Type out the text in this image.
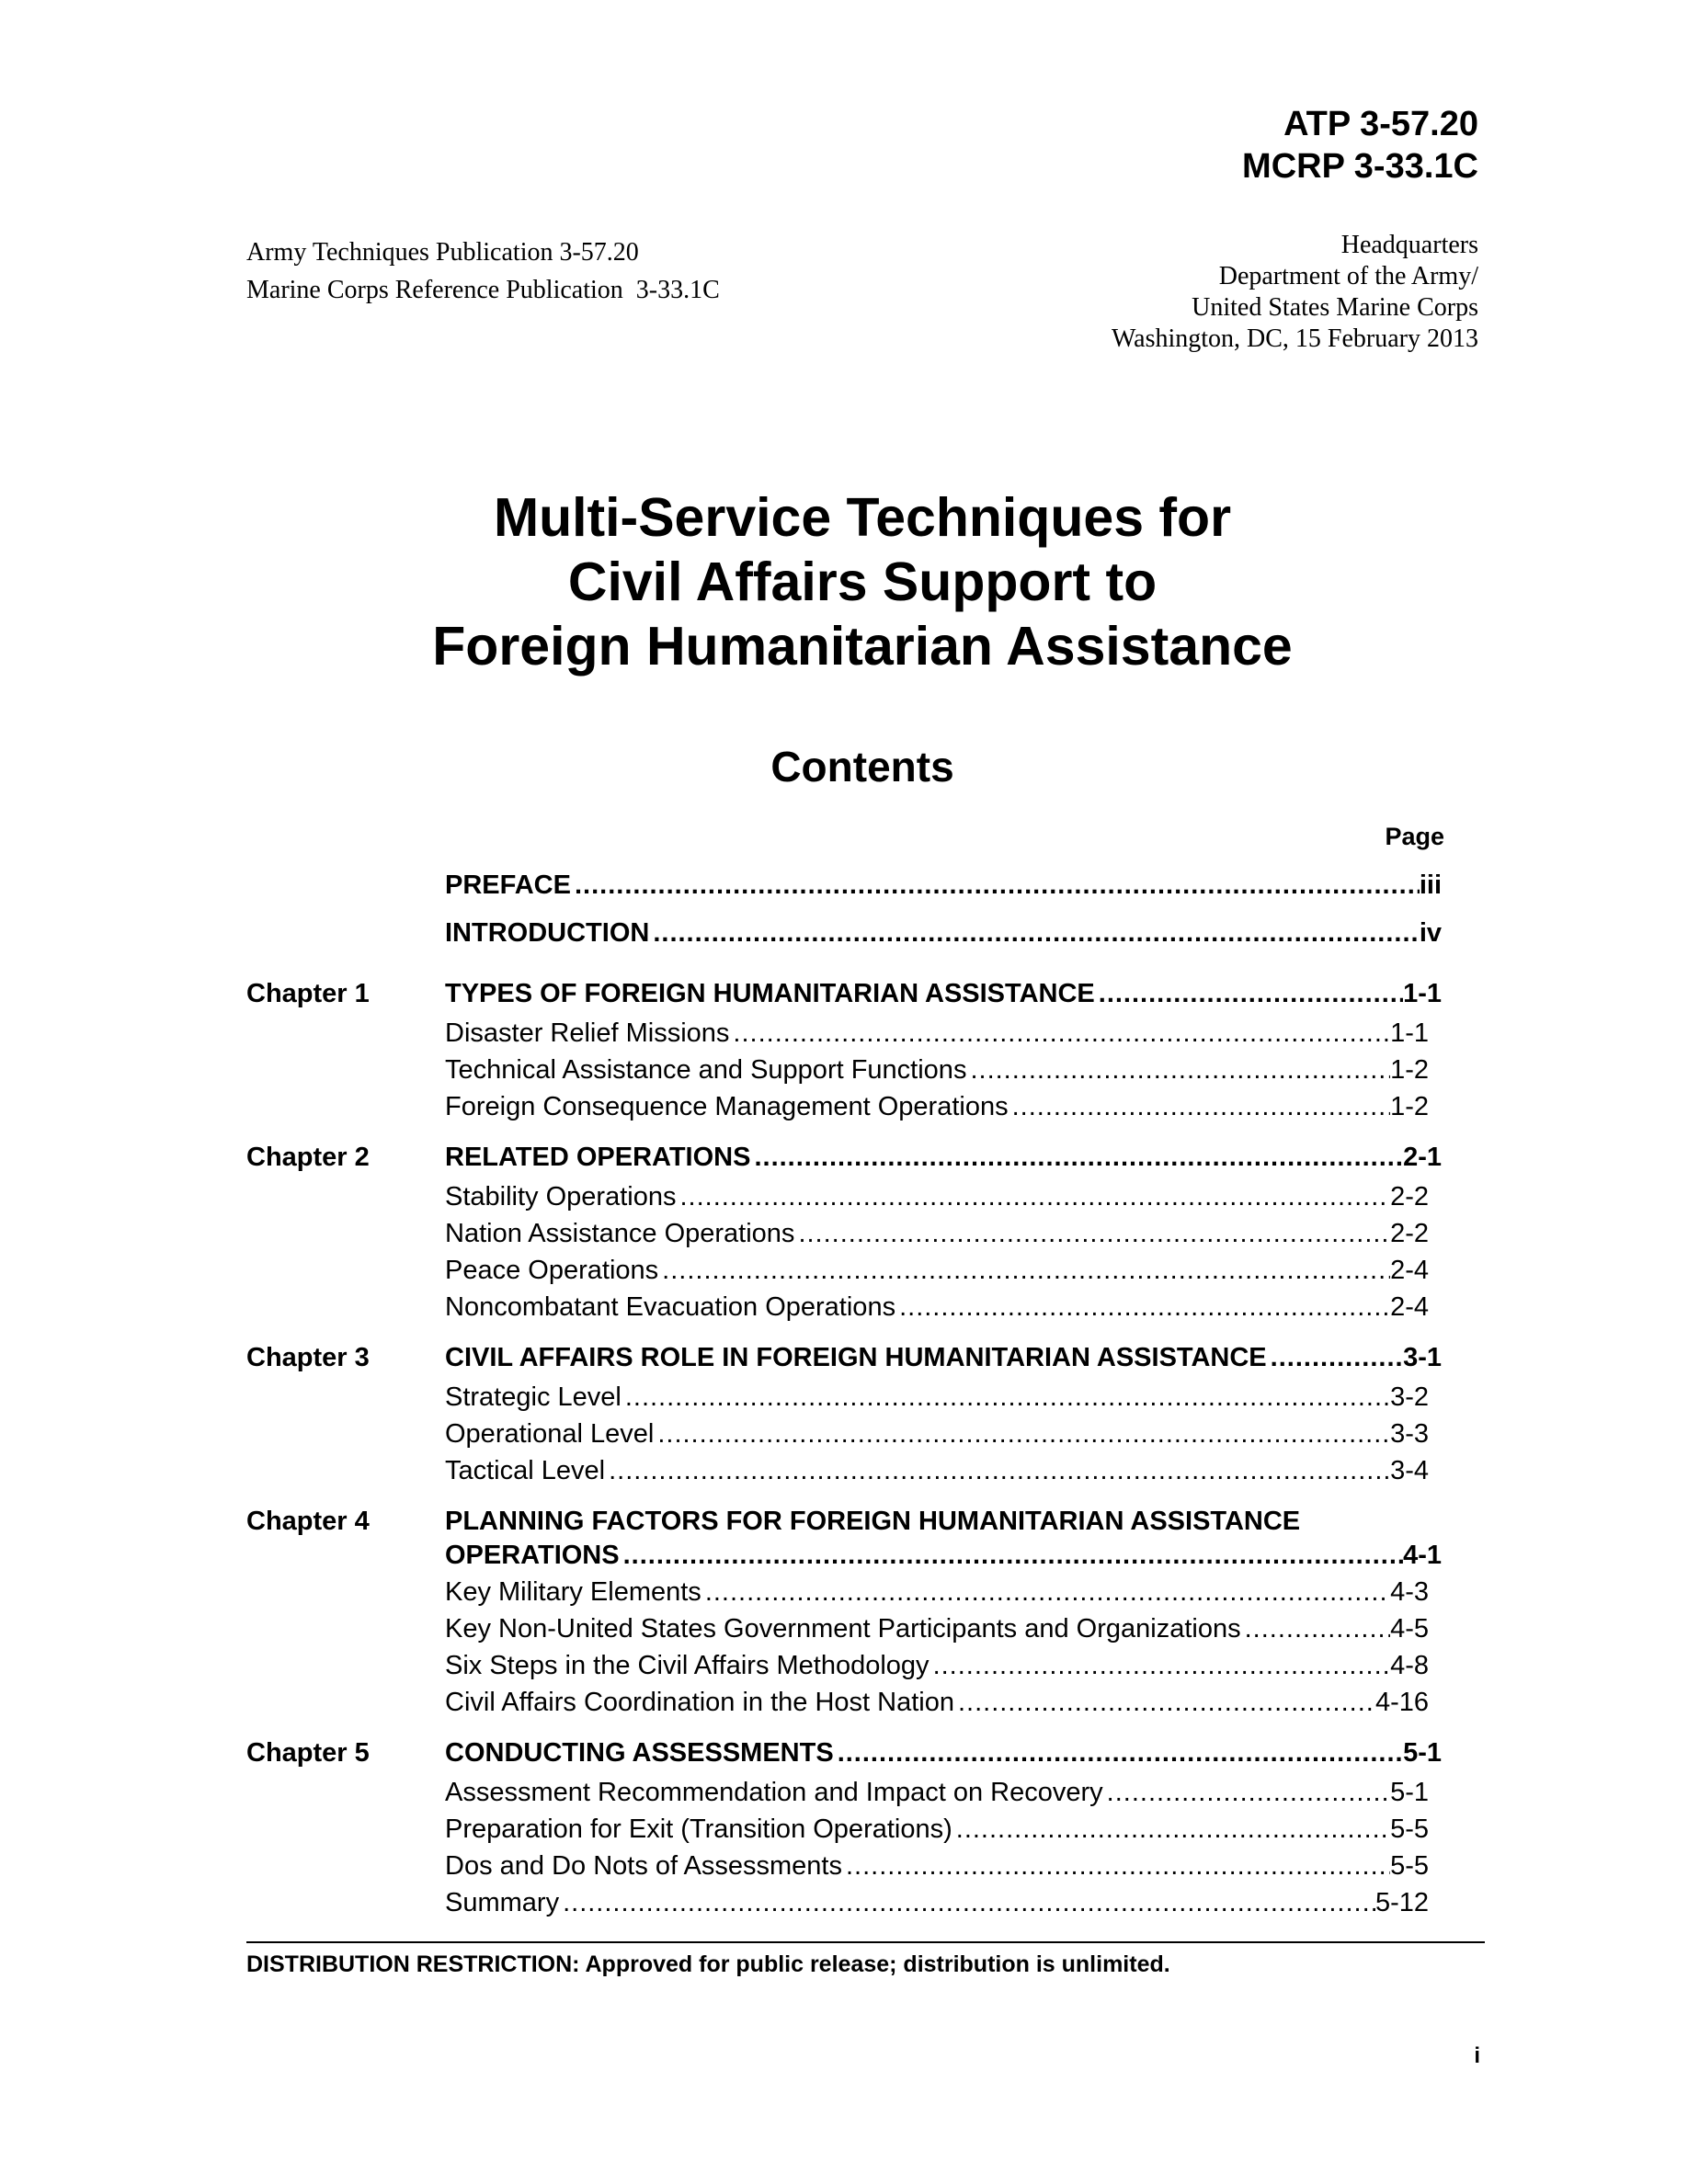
ATP 3-57.20
MCRP 3-33.1C
Army Techniques Publication 3-57.20
Marine Corps Reference Publication  3-33.1C
Headquarters
Department of the Army/
United States Marine Corps
Washington, DC, 15 February 2013
Multi-Service Techniques for
Civil Affairs Support to
Foreign Humanitarian Assistance
Contents
Page
PREFACE .....	iii
INTRODUCTION .....	iv
Chapter 1	TYPES OF FOREIGN HUMANITARIAN ASSISTANCE .....	1-1
Disaster Relief Missions .....	1-1
Technical Assistance and Support Functions .....	1-2
Foreign Consequence Management Operations .....	1-2
Chapter 2	RELATED OPERATIONS .....	2-1
Stability Operations .....	2-2
Nation Assistance Operations .....	2-2
Peace Operations .....	2-4
Noncombatant Evacuation Operations .....	2-4
Chapter 3	CIVIL AFFAIRS ROLE IN FOREIGN HUMANITARIAN ASSISTANCE .....	3-1
Strategic Level .....	3-2
Operational Level .....	3-3
Tactical Level .....	3-4
Chapter 4	PLANNING FACTORS FOR FOREIGN HUMANITARIAN ASSISTANCE
OPERATIONS .....	4-1
Key Military Elements .....	4-3
Key Non-United States Government Participants and Organizations .....	4-5
Six Steps in the Civil Affairs Methodology .....	4-8
Civil Affairs Coordination in the Host Nation .....	4-16
Chapter 5	CONDUCTING ASSESSMENTS .....	5-1
Assessment Recommendation and Impact on Recovery .....	5-1
Preparation for Exit (Transition Operations) .....	5-5
Dos and Do Nots of Assessments .....	5-5
Summary .....	5-12
DISTRIBUTION RESTRICTION: Approved for public release; distribution is unlimited.
i
